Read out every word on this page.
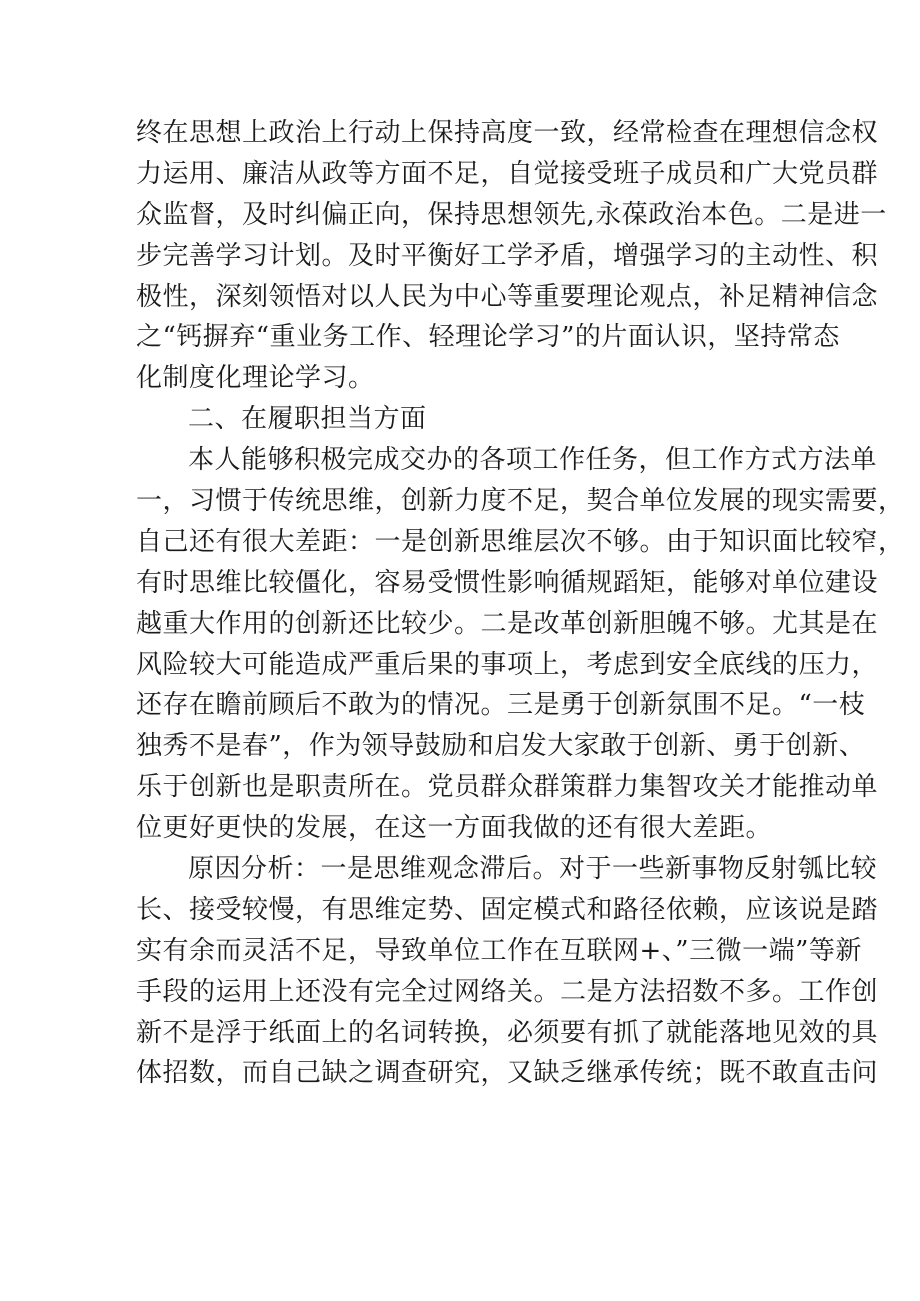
终在思想上政治上行动上保持高度一致，经常检查在理想信念权
力运用、廉洁从政等方面不足，自觉接受班子成员和广大党员群
众监督，及时纠偏正向，保持思想领先,永葆政治本色。二是进一
步完善学习计划。及时平衡好工学矛盾，增强学习的主动性、积
极性，深刻领悟对以人民为中心等重要理论观点，补足精神信念
之“钙摒弃“重业务工作、轻理论学习”的片面认识，坚持常态
化制度化理论学习。
二、在履职担当方面
本人能够积极完成交办的各项工作任务，但工作方式方法单
一，习惯于传统思维，创新力度不足，契合单位发展的现实需要，
自己还有很大差距：一是创新思维层次不够。由于知识面比较窄，
有时思维比较僵化，容易受惯性影响循规蹈矩，能够对单位建设
越重大作用的创新还比较少。二是改革创新胆魄不够。尤其是在
风险较大可能造成严重后果的事项上，考虑到安全底线的压力，
还存在瞻前顾后不敢为的情况。三是勇于创新氛围不足。“一枝
独秀不是春”，作为领导鼓励和启发大家敢于创新、勇于创新、
乐于创新也是职责所在。党员群众群策群力集智攻关才能推动单
位更好更快的发展，在这一方面我做的还有很大差距。
原因分析：一是思维观念滞后。对于一些新事物反射瓠比较
长、接受较慢，有思维定势、固定模式和路径依赖，应该说是踏
实有余而灵活不足，导致单位工作在互联网+、”三微一端”等新
手段的运用上还没有完全过网络关。二是方法招数不多。工作创
新不是浮于纸面上的名词转换，必须要有抓了就能落地见效的具
体招数，而自己缺之调查研究，又缺乏继承传统；既不敢直击问
